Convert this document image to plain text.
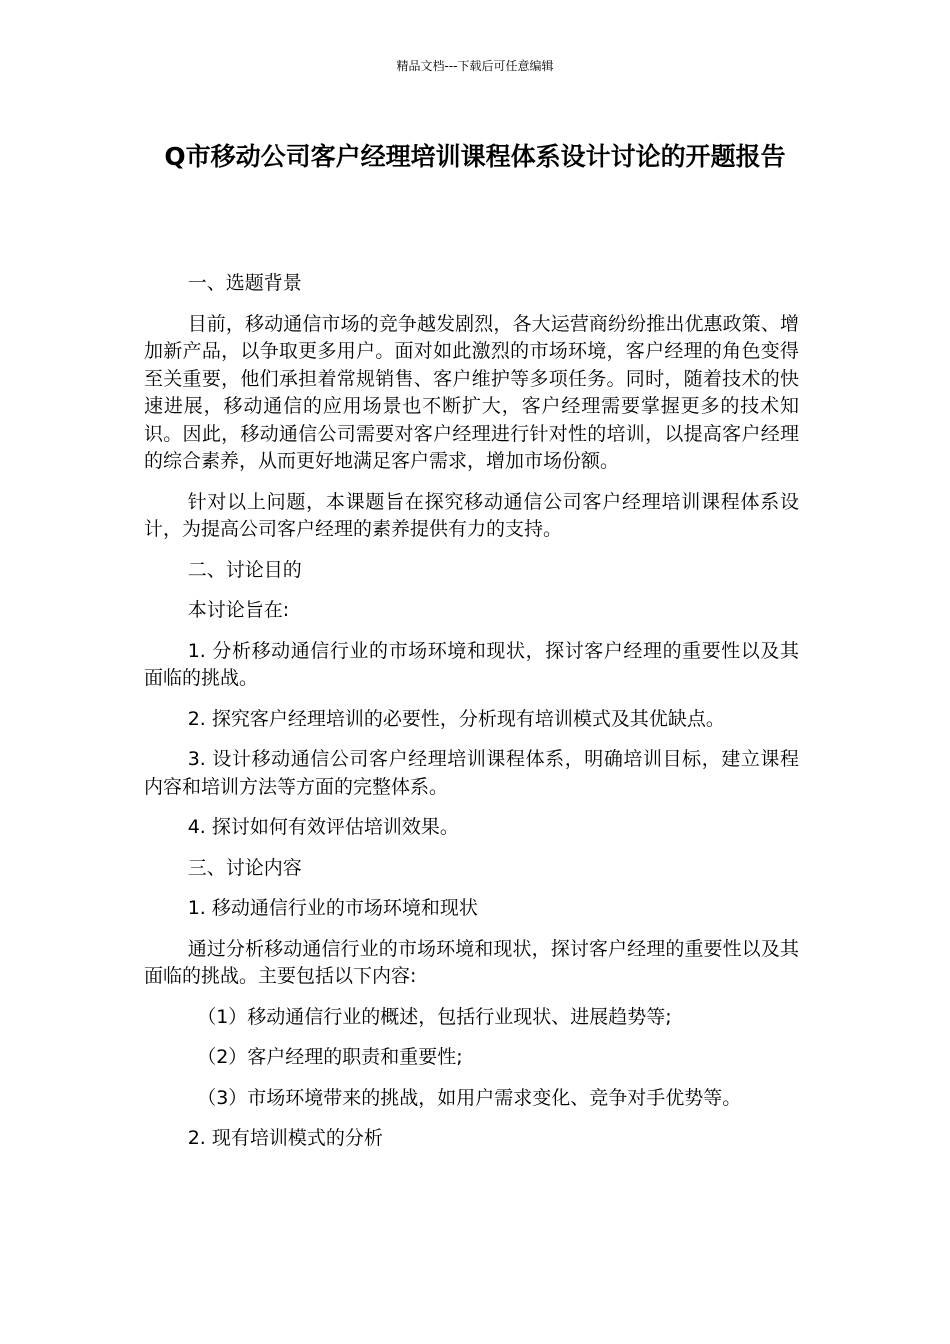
精品文档---下载后可任意编辑
Q市移动公司客户经理培训课程体系设计讨论的开题报告

一、选题背景

目前，移动通信市场的竞争越发剧烈，各大运营商纷纷推出优惠政策、增加新产品，以争取更多用户。面对如此激烈的市场环境，客户经理的角色变得至关重要，他们承担着常规销售、客户维护等多项任务。同时，随着技术的快速进展，移动通信的应用场景也不断扩大，客户经理需要掌握更多的技术知识。因此，移动通信公司需要对客户经理进行针对性的培训，以提高客户经理的综合素养，从而更好地满足客户需求，增加市场份额。

针对以上问题，本课题旨在探究移动通信公司客户经理培训课程体系设计，为提高公司客户经理的素养提供有力的支持。

二、讨论目的

本讨论旨在:

1. 分析移动通信行业的市场环境和现状，探讨客户经理的重要性以及其面临的挑战。

2. 探究客户经理培训的必要性，分析现有培训模式及其优缺点。

3. 设计移动通信公司客户经理培训课程体系，明确培训目标，建立课程内容和培训方法等方面的完整体系。

4. 探讨如何有效评估培训效果。

三、讨论内容

1. 移动通信行业的市场环境和现状

通过分析移动通信行业的市场环境和现状，探讨客户经理的重要性以及其面临的挑战。主要包括以下内容:

（1）移动通信行业的概述，包括行业现状、进展趋势等;

（2）客户经理的职责和重要性;

（3）市场环境带来的挑战，如用户需求变化、竞争对手优势等。

2. 现有培训模式的分析
